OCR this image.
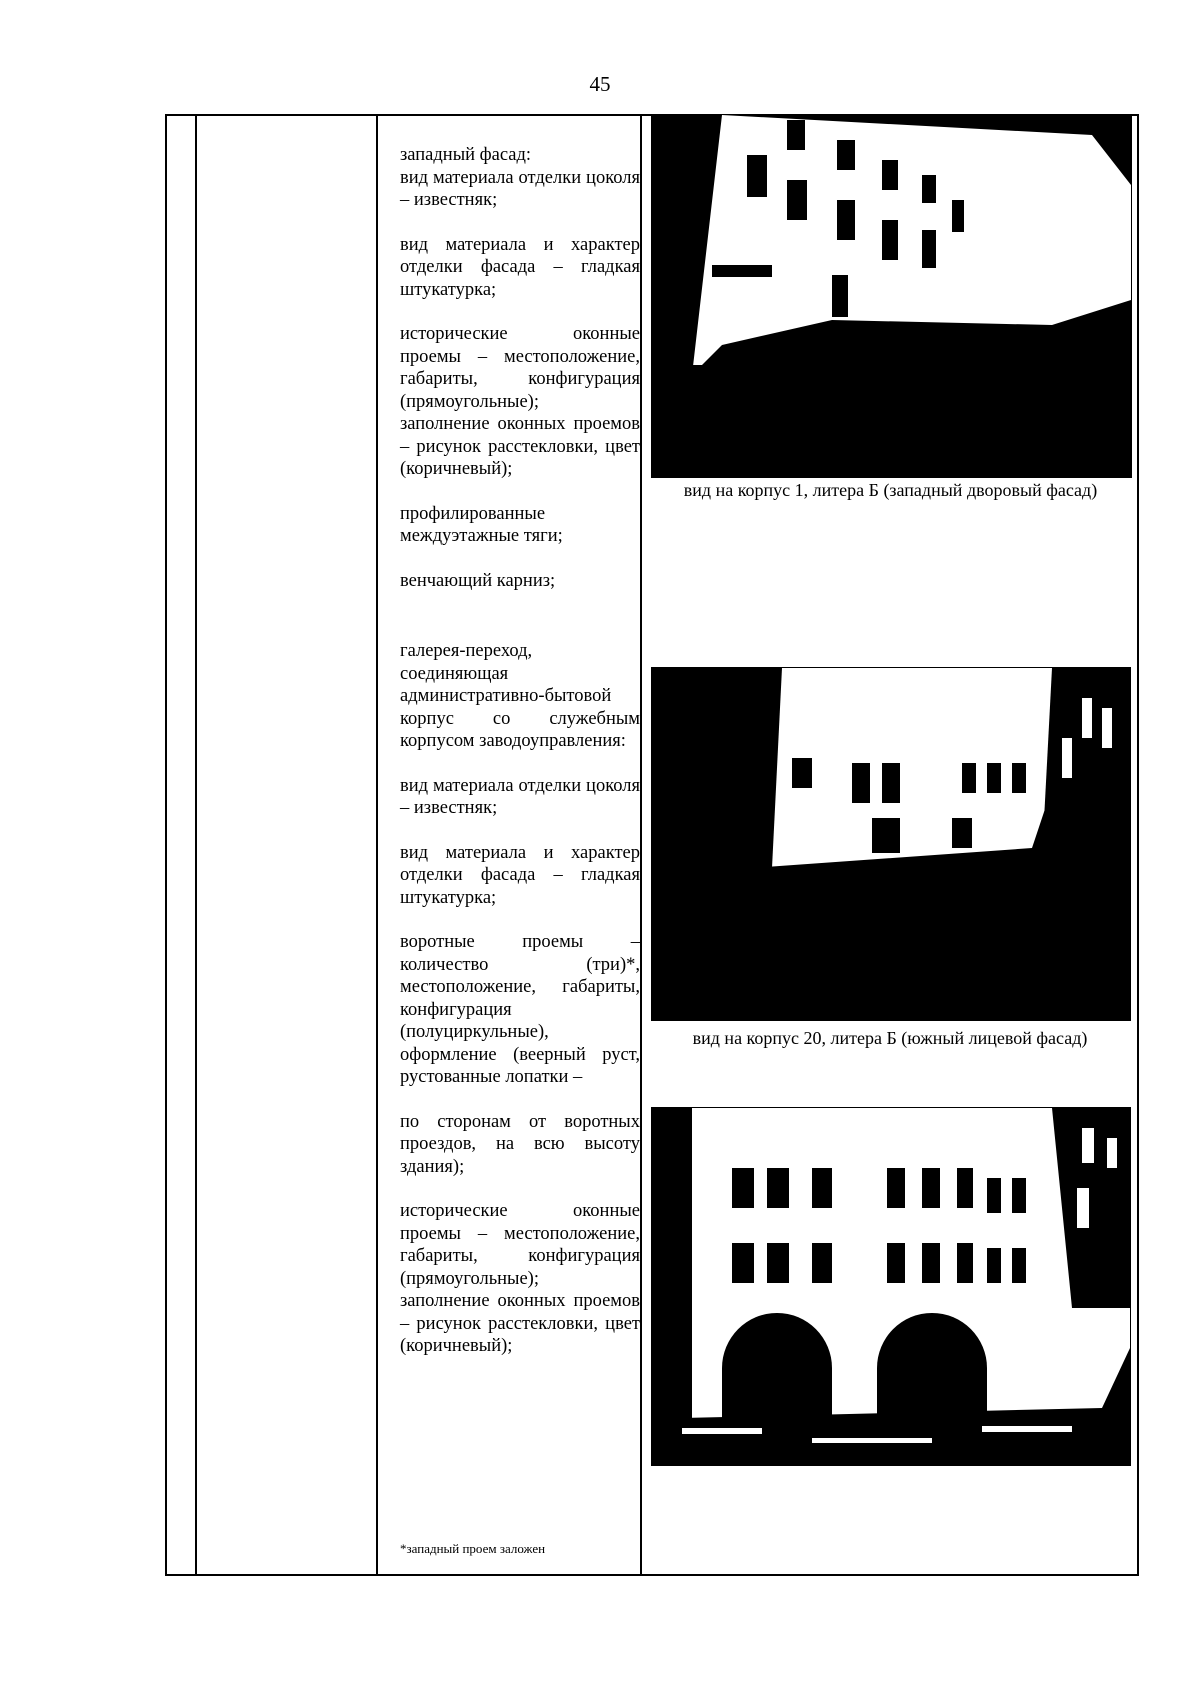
45

западный фасад:

вид материала отделки цоколя – известняк;

вид материала и характер отделки фасада – гладкая штукатурка;

исторические оконные проемы – местоположение, габариты, конфигурация (прямоугольные);

заполнение оконных проемов – рисунок расстекловки, цвет (коричневый);

профилированные междуэтажные тяги;

венчающий карниз;

галерея-переход, соединяющая административно-бытовой корпус со служебным корпусом заводоуправления:

вид материала отделки цоколя – известняк;

вид материала и характер отделки фасада – гладкая штукатурка;

воротные проемы – количество (три)*, местоположение, габариты, конфигурация (полуциркульные), оформление (веерный руст, рустованные лопатки –

по сторонам от воротных проездов, на всю высоту здания);

исторические оконные проемы – местоположение, габариты, конфигурация (прямоугольные);

заполнение оконных проемов – рисунок расстекловки, цвет (коричневый);

*западный проем заложен
вид на корпус 1, литера Б (западный дворовый фасад)
вид на корпус 20, литера Б (южный лицевой фасад)
